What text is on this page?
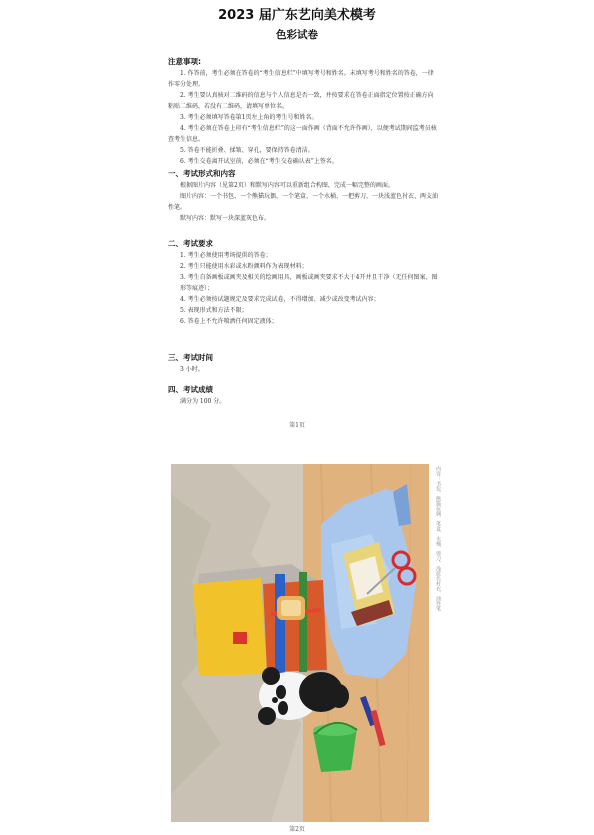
2023 届广东艺向美术模考
色彩试卷
注意事项:
1. 作答前，考生必须在答卷的“考生信息栏”中填写考号和姓名。未填写考号和姓名的答卷，一律作零分处理。
2. 考生要认真核对二维码的信息与个人信息是否一致，并按要求在答卷正面指定位置按正确方向粘贴二维码，若没有二维码，请填写单位名。
3. 考生必须填写答卷第1页左上角的考生号和姓名。
4. 考生必须在答卷上印有“考生信息栏”的这一面作画（背面不允许作画），以便考试期间监考员核查考生信息。
5. 答卷不能折叠、揉皱、穿孔，要保持答卷清洁。
6. 考生交卷离开试室前，必须在“考生交卷确认表”上签名。
一、考试形式和内容
根据图片内容（见第2页）和默写内容可以重新组合构图，完成一幅完整的画面。
图片内容：一个书包、一个熊猫玩偶、一个笔盒、一个水桶、一把剪刀、一块浅蓝色衬衣、两支油性笔。
默写内容：默写一块深蓝灰色布。
二、考试要求
1. 考生必须使用考场提供的答卷；
2. 考生只能使用水彩或水粉颜料作为表现材料；
3. 考生自备画板或画夹及相关的绘画用具，画板或画夹要求不大于4开并且干净（无任何图案、图形等痕迹）；
4. 考生必须按试题规定及要求完成试卷，不得增加、减少或改变考试内容；
5. 表现形式和方法不限；
6. 答卷上不允许喷洒任何固定液体；
三、考试时间
3 小时。
四、考试成绩
满分为 100 分。
第1页
内容：书包、熊猫玩偶、笔盒、水桶、剪刀、浅蓝色衬衣、油性笔
第2页
